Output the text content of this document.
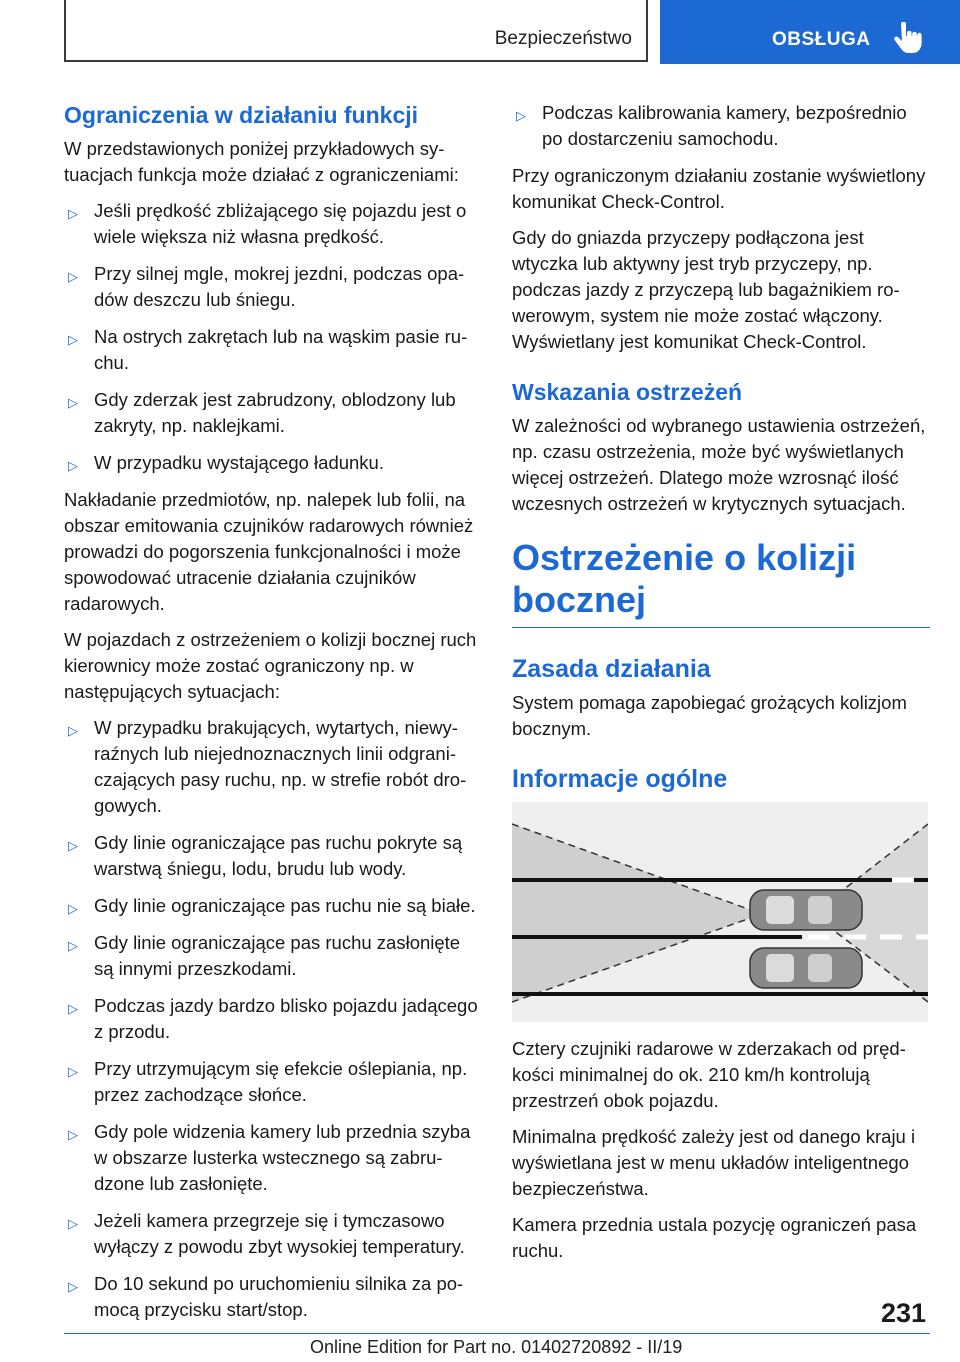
Bezpieczeństwo	OBSŁUGA
Ograniczenia w działaniu funkcji

W przedstawionych poniżej przykładowych sytuacjach funkcja może działać z ograniczeniami:

▷ Jeśli prędkość zbliżającego się pojazdu jest o wiele większa niż własna prędkość.
▷ Przy silnej mgle, mokrej jezdni, podczas opadów deszczu lub śniegu.
▷ Na ostrych zakrętach lub na wąskim pasie ruchu.
▷ Gdy zderzak jest zabrudzony, oblodzony lub zakryty, np. naklejkami.
▷ W przypadku wystającego ładunku.

Nakładanie przedmiotów, np. nalepek lub folii, na obszar emitowania czujników radarowych również prowadzi do pogorszenia funkcjonalności i może spowodować utracenie działania czujników radarowych.

W pojazdach z ostrzeżeniem o kolizji bocznej ruch kierownicy może zostać ograniczony np. w następujących sytuacjach:

▷ W przypadku brakujących, wytartych, niewyraźnych lub niejednoznacznych linii odgraniczających pasy ruchu, np. w strefie robót drogowych.
▷ Gdy linie ograniczające pas ruchu pokryte są warstwą śniegu, lodu, brudu lub wody.
▷ Gdy linie ograniczające pas ruchu nie są białe.
▷ Gdy linie ograniczające pas ruchu zasłonięte są innymi przeszkodami.
▷ Podczas jazdy bardzo blisko pojazdu jadącego z przodu.
▷ Przy utrzymującym się efekcie oślepiania, np. przez zachodzące słońce.
▷ Gdy pole widzenia kamery lub przednia szyba w obszarze lusterka wstecznego są zabrudzone lub zasłonięte.
▷ Jeżeli kamera przegrzeje się i tymczasowo wyłączy z powodu zbyt wysokiej temperatury.
▷ Do 10 sekund po uruchomieniu silnika za pomocą przycisku start/stop.
▷ Podczas kalibrowania kamery, bezpośrednio po dostarczeniu samochodu.

Przy ograniczonym działaniu zostanie wyświetlony komunikat Check-Control.

Gdy do gniazda przyczepy podłączona jest wtyczka lub aktywny jest tryb przyczepy, np. podczas jazdy z przyczepą lub bagażnikiem rowerowym, system nie może zostać włączony. Wyświetlany jest komunikat Check-Control.

Wskazania ostrzeżeń

W zależności od wybranego ustawienia ostrzeżeń, np. czasu ostrzeżenia, może być wyświetlanych więcej ostrzeżeń. Dlatego może wzrosnąć ilość wczesnych ostrzeżeń w krytycznych sytuacjach.

Ostrzeżenie o kolizji bocznej
Zasada działania

System pomaga zapobiegać grożących kolizjom bocznym.

Informacje ogólne

Cztery czujniki radarowe w zderzakach od prędkości minimalnej do ok. 210 km/h kontrolują przestrzeń obok pojazdu.

Minimalna prędkość zależy jest od danego kraju i wyświetlana jest w menu układów inteligentnego bezpieczeństwa.

Kamera przednia ustala pozycję ograniczeń pasa ruchu.

231
Online Edition for Part no. 01402720892 - II/19
